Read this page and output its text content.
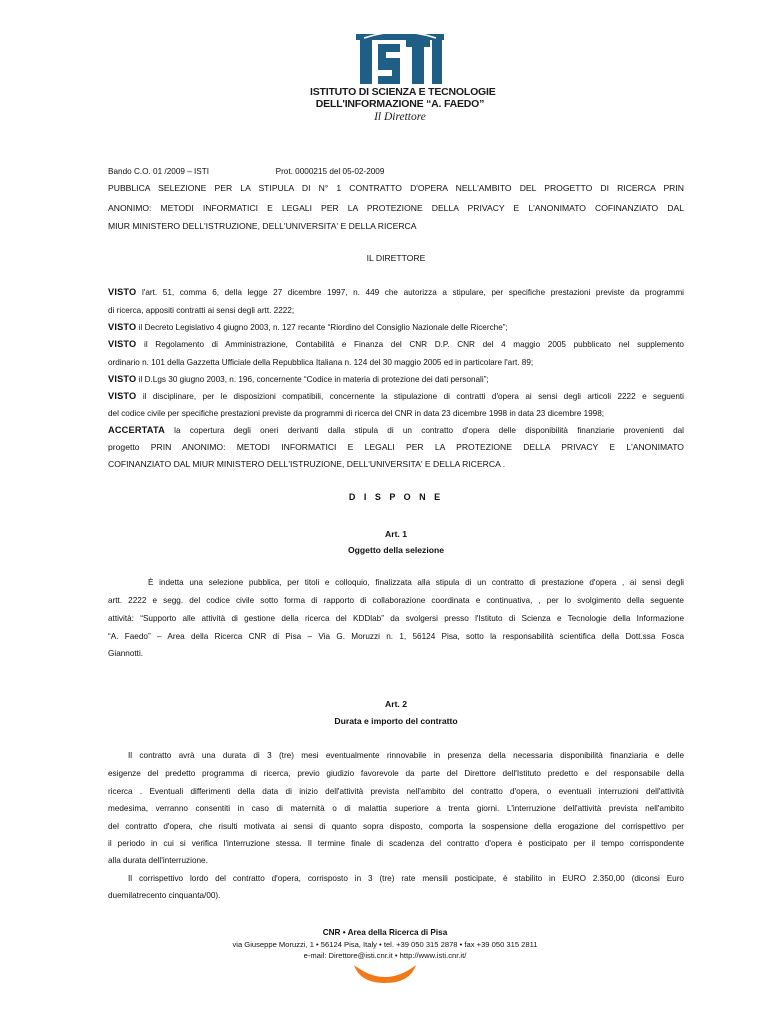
ISTI
ISTITUTO DI SCIENZA E TECNOLOGIE
DELL'INFORMAZIONE “A. FAEDO”
Il Direttore
Bando C.O. 01 /2009 – ISTI	Prot. 0000215 del 05-02-2009
PUBBLICA SELEZIONE PER LA STIPULA DI N° 1 CONTRATTO D'OPERA NELL'AMBITO DEL PROGETTO DI RICERCA PRIN
ANONIMO: METODI INFORMATICI E LEGALI PER LA PROTEZIONE DELLA PRIVACY E L'ANONIMATO COFINANZIATO DAL
MIUR MINISTERO DELL'ISTRUZIONE, DELL'UNIVERSITA' E DELLA RICERCA
IL DIRETTORE
VISTO l'art. 51, comma 6, della legge 27 dicembre 1997, n. 449 che autorizza a stipulare, per specifiche prestazioni previste da programmi
di ricerca, appositi contratti ai sensi degli artt. 2222;
VISTO il Decreto Legislativo 4 giugno 2003, n. 127 recante “Riordino del Consiglio Nazionale delle Ricerche”;
VISTO il Regolamento di Amministrazione, Contabilità e Finanza del CNR D.P. CNR del 4 maggio 2005 pubblicato nel supplemento
ordinario n. 101 della Gazzetta Ufficiale della Repubblica Italiana n. 124 del 30 maggio 2005 ed in particolare l'art. 89;
VISTO il D.Lgs 30 giugno 2003, n. 196, concernente “Codice in materia di protezione dei dati personali”;
VISTO il disciplinare, per le disposizioni compatibili, concernente la stipulazione di contratti d'opera ai sensi degli articoli 2222 e seguenti
del codice civile per specifiche prestazioni previste da programmi di ricerca del CNR in data 23 dicembre 1998 in data 23 dicembre 1998;
ACCERTATA la copertura degli oneri derivanti dalla stipula di un contratto d'opera delle disponibilità finanziarie provenienti dal
progetto PRIN ANONIMO: METODI INFORMATICI E LEGALI PER LA PROTEZIONE DELLA PRIVACY E L'ANONIMATO
COFINANZIATO DAL MIUR MINISTERO DELL'ISTRUZIONE, DELL'UNIVERSITA' E DELLA RICERCA .
D I S P O N E
Art. 1
Oggetto della selezione
È indetta una selezione pubblica, per titoli e colloquio, finalizzata alla stipula di un contratto di prestazione d'opera , ai sensi degli
artt. 2222 e segg. del codice civile sotto forma di rapporto di collaborazione coordinata e continuativa, , per lo svolgimento della seguente
attività: “Supporto alle attività di gestione della ricerca del KDDlab” da svolgersi presso l'Istituto di Scienza e Tecnologie della Informazione
“A. Faedo” – Area della Ricerca CNR di Pisa – Via G. Moruzzi n. 1, 56124 Pisa, sotto la responsabilità scientifica della Dott.ssa Fosca
Giannotti.
Art. 2
Durata e importo del contratto
Il contratto avrà una durata di 3 (tre) mesi eventualmente rinnovabile in presenza della necessaria disponibilità finanziaria e delle
esigenze del predetto programma di ricerca, previo giudizio favorevole da parte del Direttore dell'Istituto predetto e del responsabile della
ricerca . Eventuali differimenti della data di inizio dell'attività prevista nell'ambito del contratto d'opera, o eventuali interruzioni dell'attività
medesima, verranno consentiti in caso di maternità o di malattia superiore a trenta giorni. L'interruzione dell'attività prevista nell'ambito
del contratto d'opera, che risulti motivata ai sensi di quanto sopra disposto, comporta la sospensione della erogazione del corrispettivo per
il periodo in cui si verifica l'interruzione stessa. Il termine finale di scadenza del contratto d'opera è posticipato per il tempo corrispondente
alla durata dell'interruzione.
Il corrispettivo lordo del contratto d'opera, corrisposto in 3 (tre) rate mensili posticipate, è stabilito in EURO 2.350,00 (diconsi Euro
duemilatrecento cinquanta/00).
CNR • Area della Ricerca di Pisa
via Giuseppe Moruzzi, 1 • 56124 Pisa, Italy • tel. +39 050 315 2878 • fax +39 050 315 2811
e-mail: Direttore@isti.cnr.it • http://www.isti.cnr.it/
